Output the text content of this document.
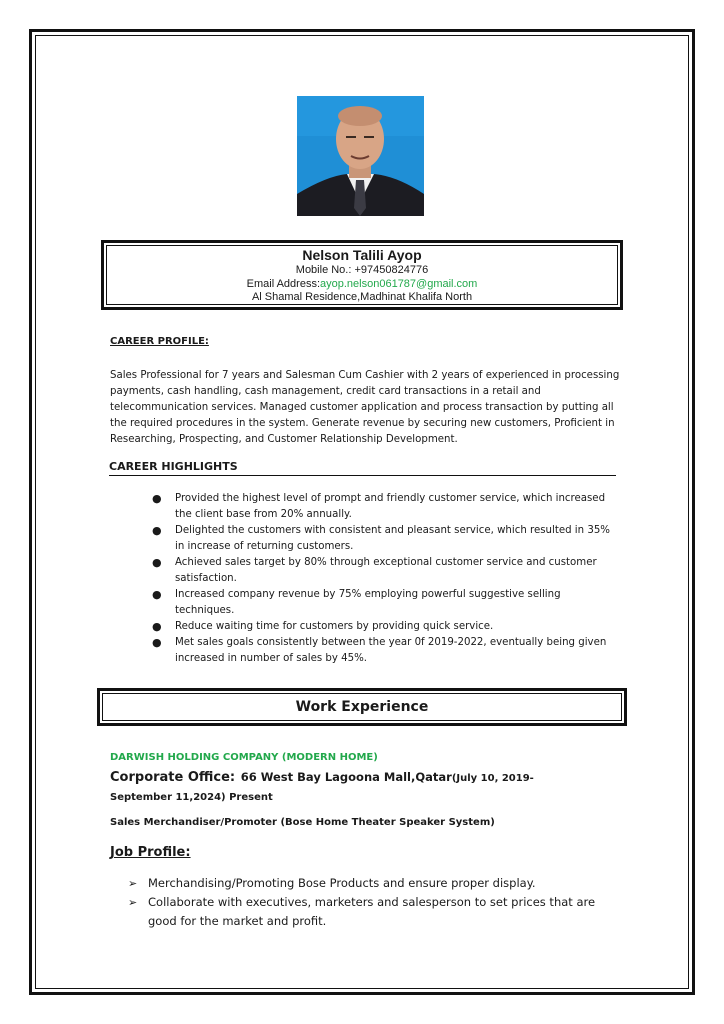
Nelson Talili Ayop
Mobile No.: +97450824776
Email Address:ayop.nelson061787@gmail.com
Al Shamal Residence,Madhinat Khalifa North
CAREER PROFILE:
Sales Professional for 7 years and Salesman Cum Cashier with 2 years of experienced in processing payments, cash handling, cash management, credit card transactions in a retail and telecommunication services. Managed customer application and process transaction by putting all the required procedures in the system. Generate revenue by securing new customers, Proficient in Researching, Prospecting, and Customer Relationship Development.
CAREER HIGHLIGHTS
● Provided the highest level of prompt and friendly customer service, which increased the client base from 20% annually.
● Delighted the customers with consistent and pleasant service, which resulted in 35% in increase of returning customers.
● Achieved sales target by 80% through exceptional customer service and customer satisfaction.
● Increased company revenue by 75% employing powerful suggestive selling techniques.
● Reduce waiting time for customers by providing quick service.
● Met sales goals consistently between the year 0f 2019-2022, eventually being given increased in number of sales by 45%.
Work Experience
DARWISH HOLDING COMPANY (MODERN HOME)
Corporate Office: 66 West Bay Lagoona Mall,Qatar(July 10, 2019- September 11,2024) Present
Sales Merchandiser/Promoter (Bose Home Theater Speaker System)
Job Profile:
➢ Merchandising/Promoting Bose Products and ensure proper display.
➢ Collaborate with executives, marketers and salesperson to set prices that are good for the market and profit.
